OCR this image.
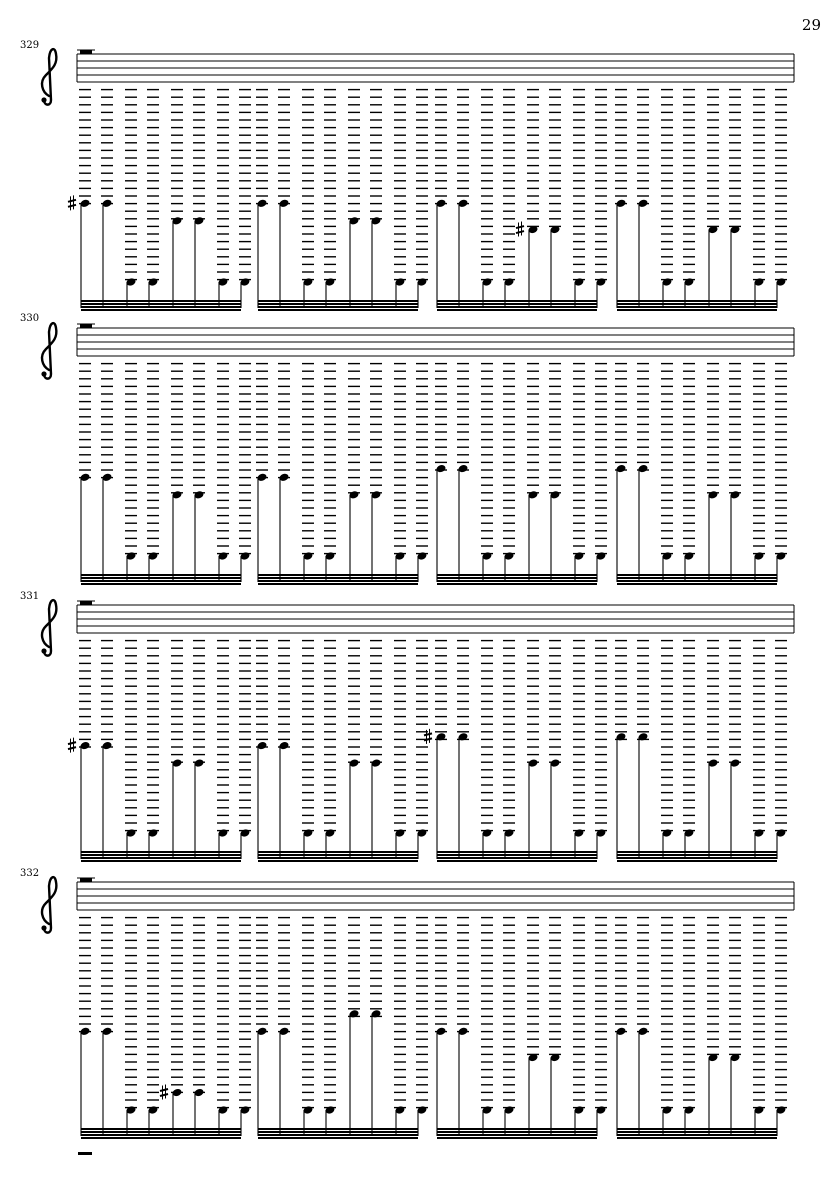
29
329
330
331
332
